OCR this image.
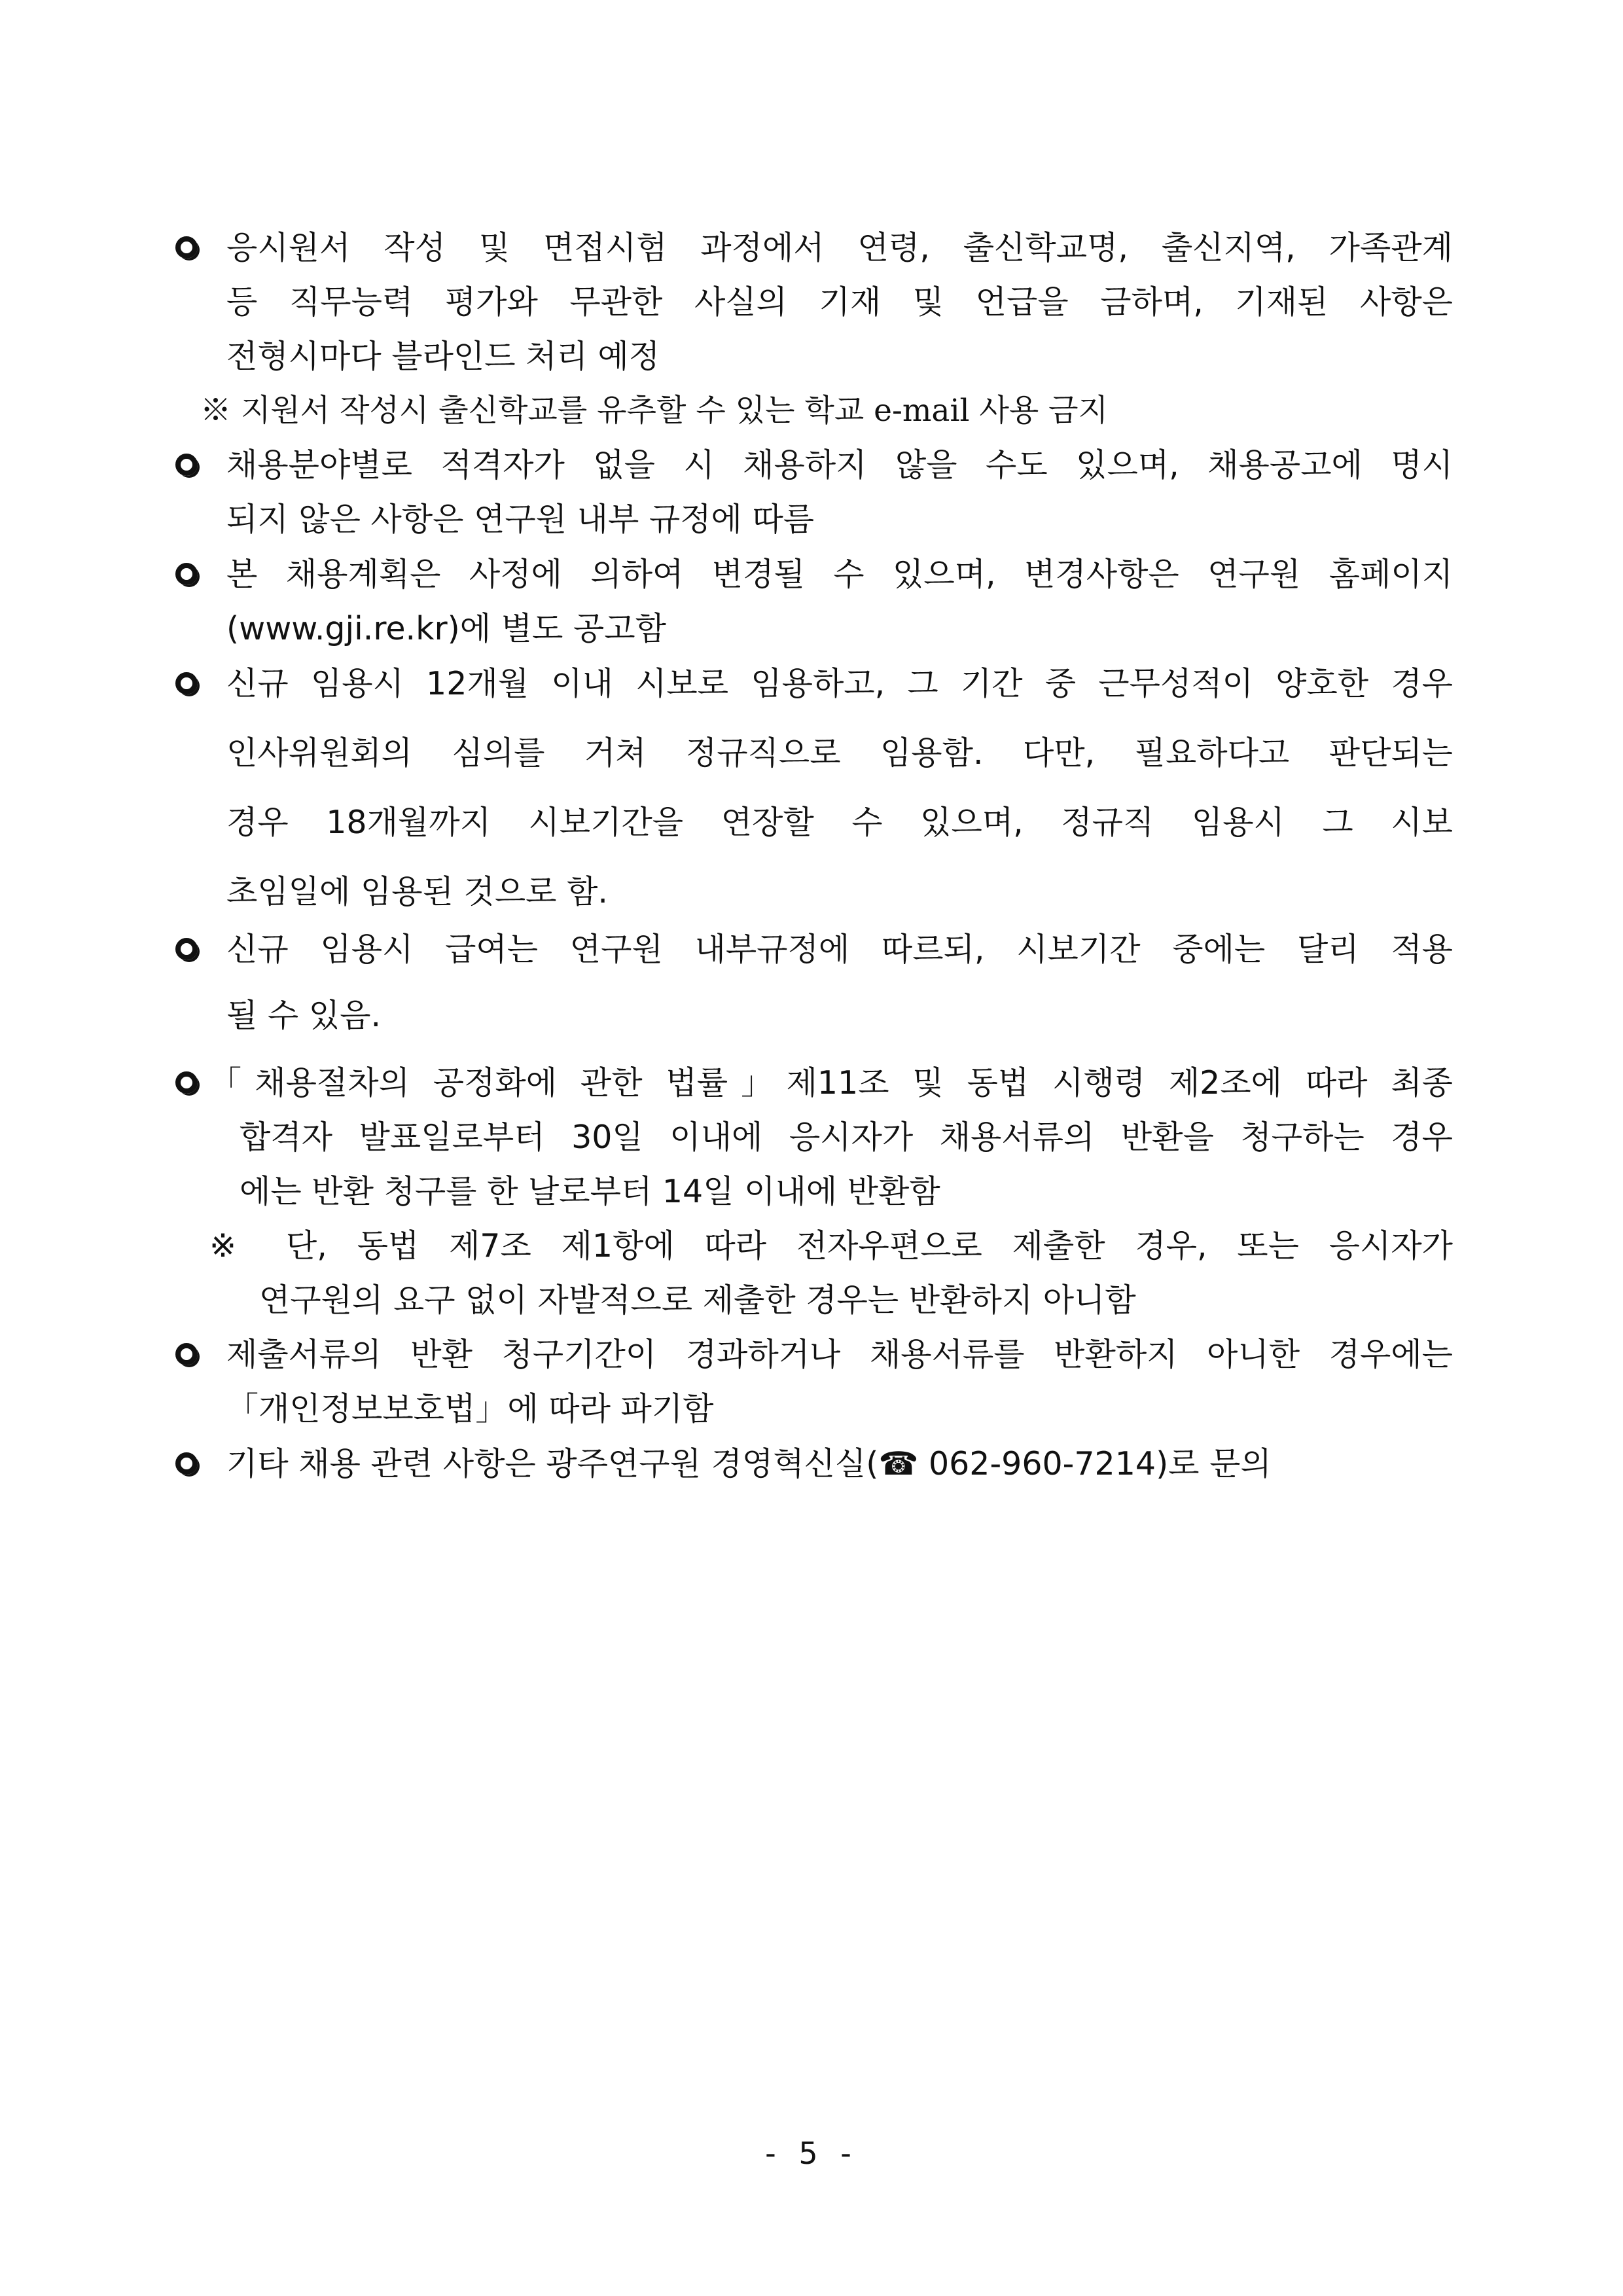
응시원서 작성 및 면접시험 과정에서 연령, 출신학교명, 출신지역, 가족관계
등 직무능력 평가와 무관한 사실의 기재 및 언급을 금하며, 기재된 사항은
전형시마다 블라인드 처리 예정
※ 지원서 작성시 출신학교를 유추할 수 있는 학교 e-mail 사용 금지
채용분야별로 적격자가 없을 시 채용하지 않을 수도 있으며, 채용공고에 명시
되지 않은 사항은 연구원 내부 규정에 따름
본 채용계획은 사정에 의하여 변경될 수 있으며, 변경사항은 연구원 홈페이지
(www.gji.re.kr)에 별도 공고함
신규 임용시 12개월 이내 시보로 임용하고, 그 기간 중 근무성적이 양호한 경우
인사위원회의 심의를 거쳐 정규직으로 임용함. 다만, 필요하다고 판단되는
경우 18개월까지 시보기간을 연장할 수 있으며, 정규직 임용시 그 시보
초임일에 임용된 것으로 함.
신규 임용시 급여는 연구원 내부규정에 따르되, 시보기간 중에는 달리 적용
될 수 있음.
「채용절차의 공정화에 관한 법률」제11조 및 동법 시행령 제2조에 따라 최종
합격자 발표일로부터 30일 이내에 응시자가 채용서류의 반환을 청구하는 경우
에는 반환 청구를 한 날로부터 14일 이내에 반환함
※ 단, 동법 제7조 제1항에 따라 전자우편으로 제출한 경우, 또는 응시자가
연구원의 요구 없이 자발적으로 제출한 경우는 반환하지 아니함
제출서류의 반환 청구기간이 경과하거나 채용서류를 반환하지 아니한 경우에는
「개인정보보호법」에 따라 파기함
기타 채용 관련 사항은 광주연구원 경영혁신실(☎ 062-960-7214)로 문의
- 5 -
